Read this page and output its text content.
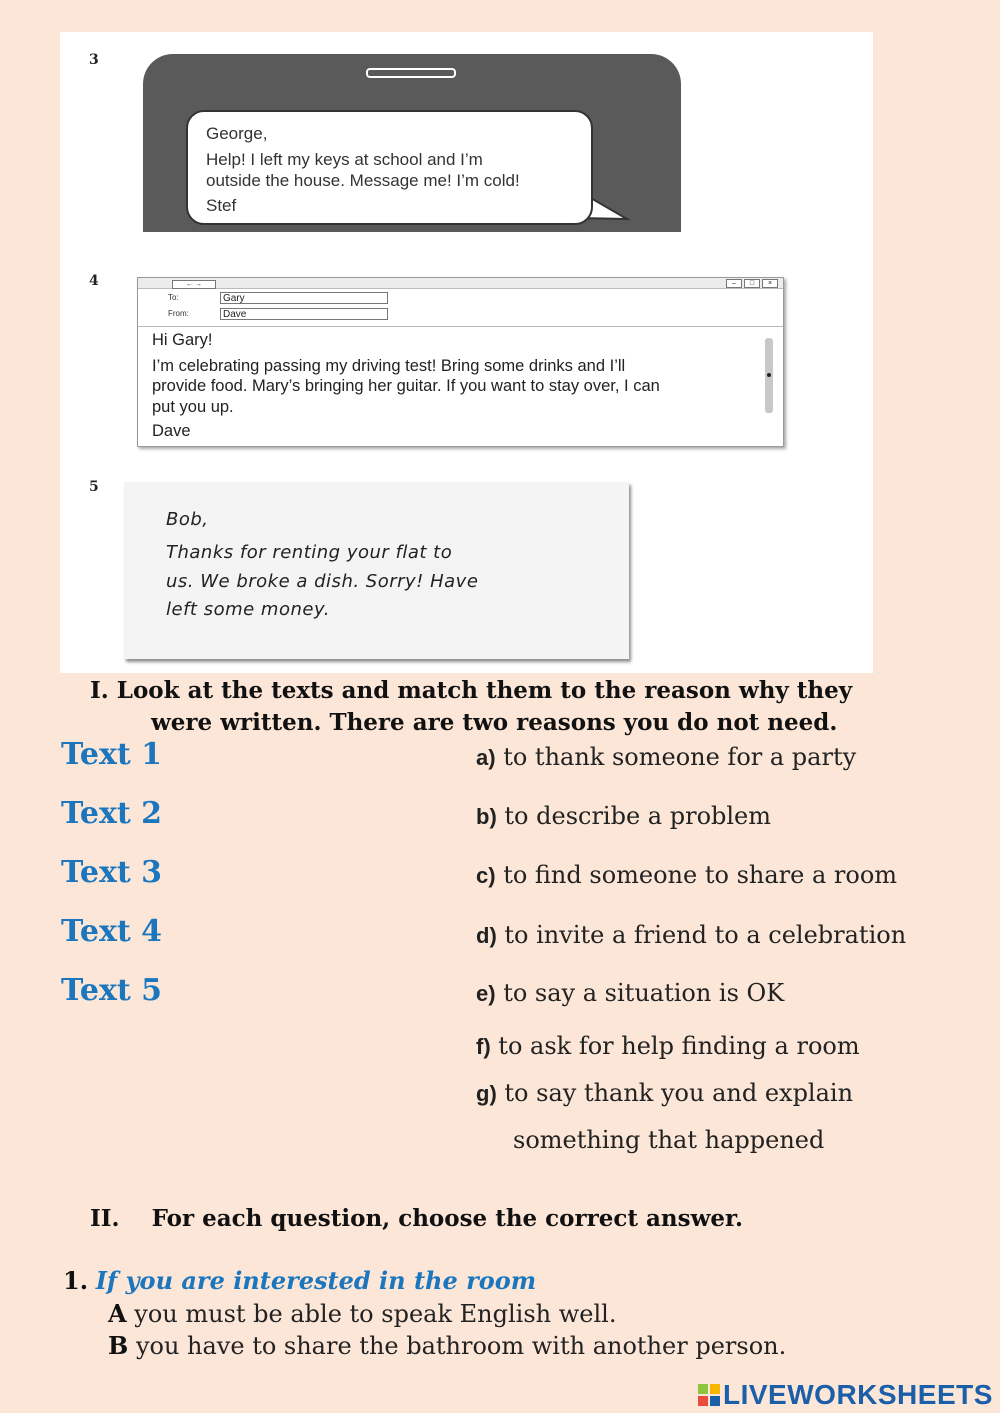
3

George,

Help! I left my keys at school and I’m

outside the house. Message me! I’m cold!

Stef

4	← →	–	□	×
To:	Gary
From:	Dave

Hi Gary!

I’m celebrating passing my driving test! Bring some drinks and I’ll

provide food. Mary’s bringing her guitar. If you want to stay over, I can

put you up.

Dave

5

Bob,

Thanks for renting your flat to

us. We broke a dish. Sorry! Have

left some money.

I. Look at the texts and match them to the reason why they
were written. There are two reasons you do not need.
Text 1
Text 2
Text 3
Text 4
Text 5
a) to thank someone for a party
b) to describe a problem
c) to find someone to share a room
d) to invite a friend to a celebration
e) to say a situation is OK
f) to ask for help finding a room
g) to say thank you and explain
something that happened
II. For each question, choose the correct answer.
1. If you are interested in the room
A you must be able to speak English well.
B you have to share the bathroom with another person.
LIVEWORKSHEETS
